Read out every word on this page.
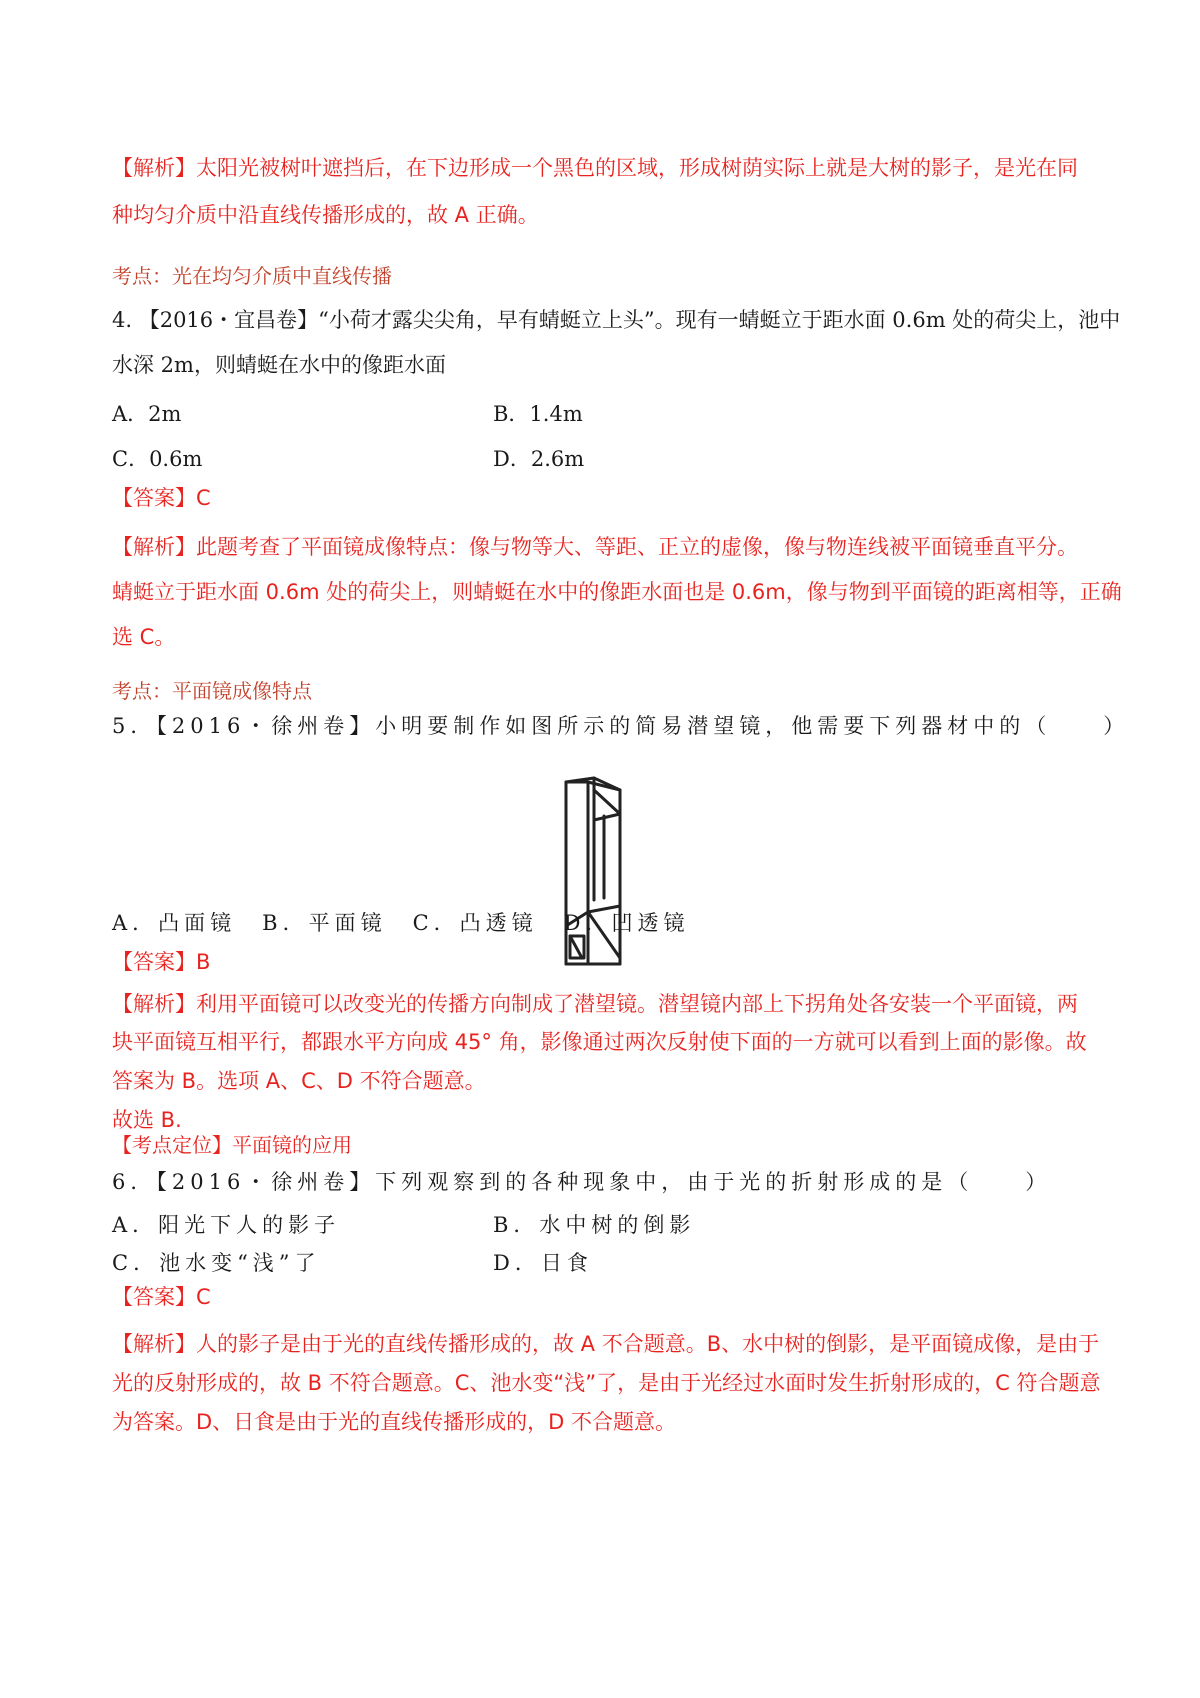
【解析】太阳光被树叶遮挡后，在下边形成一个黑色的区域，形成树荫实际上就是大树的影子，是光在同
种均匀介质中沿直线传播形成的，故 A 正确。
考点：光在均匀介质中直线传播
4. 【2016・宜昌卷】“小荷才露尖尖角，早有蜻蜓立上头”。现有一蜻蜓立于距水面 0.6m 处的荷尖上，池中
水深 2m，则蜻蜓在水中的像距水面
A．2m	B．1.4m
C．0.6m	D．2.6m
【答案】C
【解析】此题考查了平面镜成像特点：像与物等大、等距、正立的虚像，像与物连线被平面镜垂直平分。
蜻蜓立于距水面 0.6m 处的荷尖上，则蜻蜓在水中的像距水面也是 0.6m，像与物到平面镜的距离相等，正确
选 C。
考点：平面镜成像特点
5．【2016・徐州卷】小明要制作如图所示的简易潜望镜，他需要下列器材中的（　　）
A．凸面镜　B．平面镜　C．凸透镜　D．凹透镜
【答案】B
【解析】利用平面镜可以改变光的传播方向制成了潜望镜。潜望镜内部上下拐角处各安装一个平面镜，两
块平面镜互相平行，都跟水平方向成 45° 角，影像通过两次反射使下面的一方就可以看到上面的影像。故
答案为 B。选项 A、C、D 不符合题意。
故选 B.
【考点定位】平面镜的应用
6．【2016・徐州卷】下列观察到的各种现象中，由于光的折射形成的是（　　）
A．阳光下人的影子	B．水中树的倒影
C．池水变“浅”了	D．日食
【答案】C
【解析】人的影子是由于光的直线传播形成的，故 A 不合题意。B、水中树的倒影，是平面镜成像，是由于
光的反射形成的，故 B 不符合题意。C、池水变“浅”了，是由于光经过水面时发生折射形成的，C 符合题意
为答案。D、日食是由于光的直线传播形成的，D 不合题意。
